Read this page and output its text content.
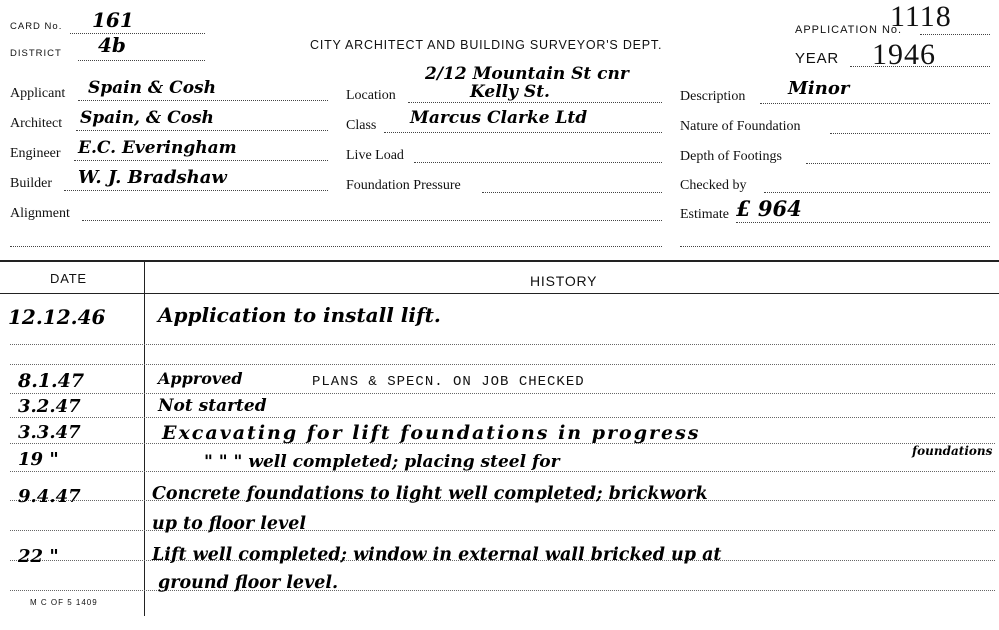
CARD No. 161
DISTRICT 4b	CITY ARCHITECT AND BUILDING SURVEYOR'S DEPT.
APPLICATION No.
1118
YEAR 1946
Applicant Spain & Cosh
Architect Spain, & Cosh
Engineer E.C. Everingham
Builder W. J. Bradshaw
Alignment
Location
2/12 Mountain St cnr
Kelly St.
Class Marcus Clarke Ltd
Live Load
Foundation Pressure
Description Minor
Nature of Foundation
Depth of Footings
Checked by
Estimate £ 964
DATE	HISTORY
12.12.46	Application to install lift.
8.1.47	Approved	PLANS & SPECN. ON JOB CHECKED
3.2.47	Not started
3.3.47	Excavating for lift foundations in progress
19 "	" " " well completed; placing steel for
foundations
9.4.47	Concrete foundations to light well completed; brickwork
up to floor level
22 "	Lift well completed; window in external wall bricked up at
ground floor level.
M C OF 5 1409
